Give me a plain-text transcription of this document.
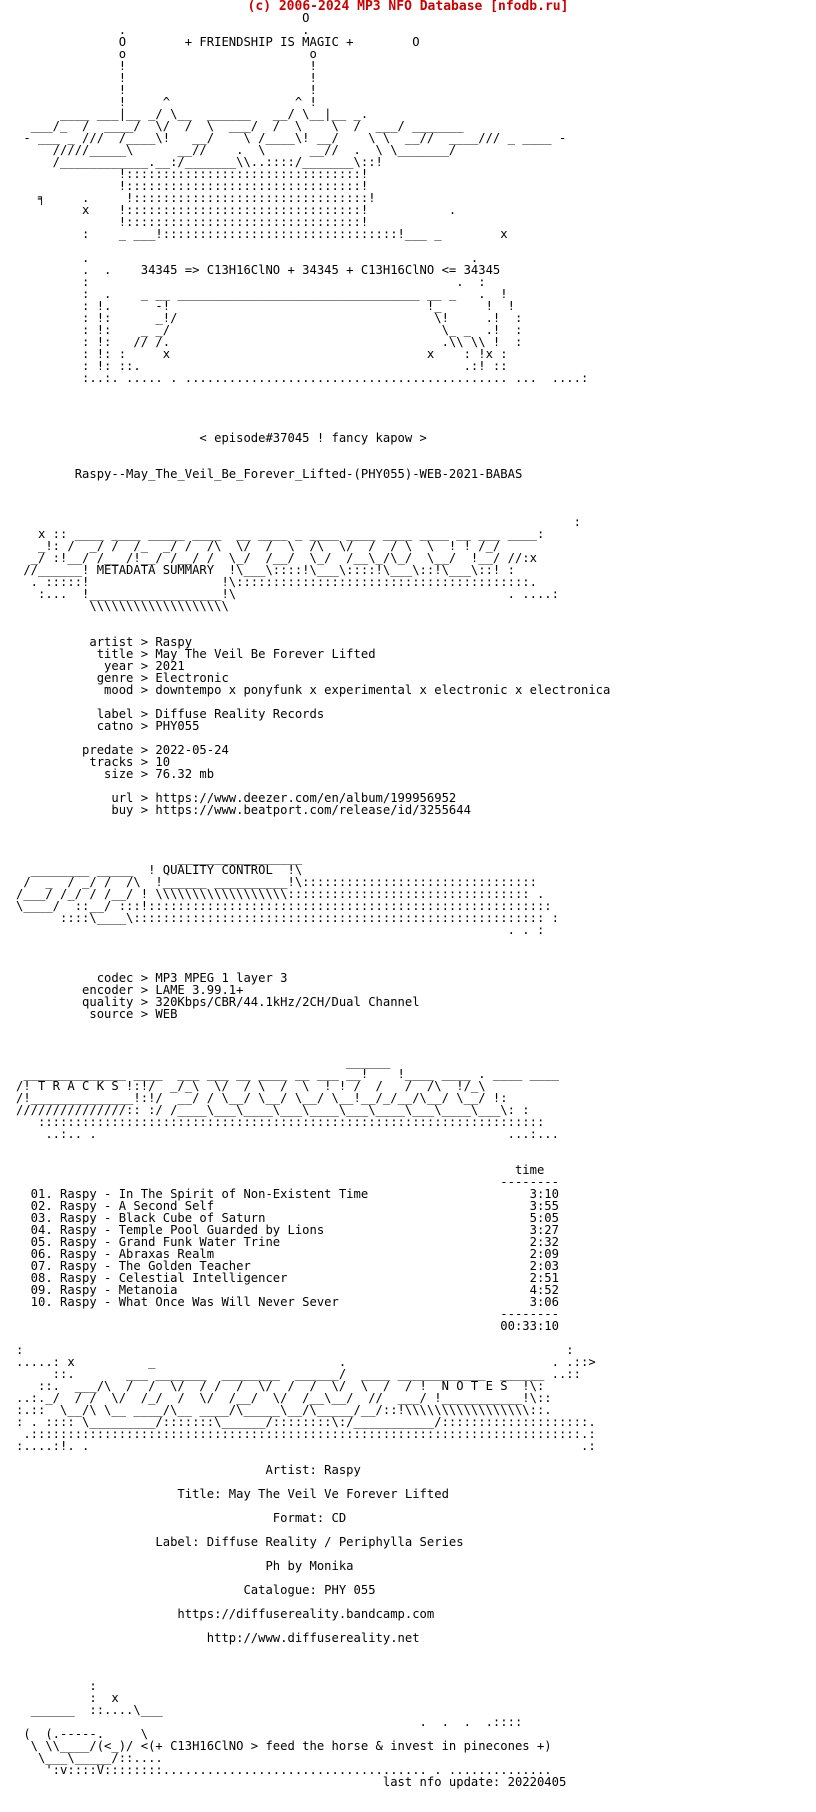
(c) 2006-2024 MP3 NFO Database [nfodb.ru]
O
.                        .
O        + FRIENDSHIP IS MAGIC +        O
o                         o
!                         !
!                         !
!                         !
!     ^                 ^ !
____ ___|__ _/ \__  ______   __/ \__|__ _.
___/_  /  ____/  \/  /  \  ___/  /  \    \  /  ___/ _______
- ___ _ ///  /____\!   __/    \ /____\! __/    \ \  __//  ____/// _ ____ -
/////_____\      __//    .  \      __//  .  \ \_______/
/____________.__:/_______\\..::::/_______\::!
!::::::::::::::::::::::::::::::::!
!::::::::::::::::::::::::::::::::!
╕     .     !::::::::::::::::::::::::::::::::!
x    !::::::::::::::::::::::::::::::::!           .
!::::::::::::::::::::::::::::::::!
:    _ ___!::::::::::::::::::::::::::::::::!___ _        x

.                                                    .
.  .    34345 => C13H16ClNO + 34345 + C13H16ClNO <= 34345
:                                                  .  :
:  .    _ __ _________________________________ __ _   .  !
: !.      -!                                   !_      !  !
: !:      _!/                                   \!     .!  :
: !:    _ _/                                     \_ _  .!  :
: !:   // /.                                     .\\ \\ !  :
: !: :     x                                   x    : !x :
: !: ::.                                            .:! ::
:..:. ..... . ............................................ ...  ....:

< episode#37045 ! fancy kapow >

Raspy--May_The_Veil_Be_Forever_Lifted-(PHY055)-WEB-2021-BABAS

:
x :: ____ ____ _____ ____  __ ____ _ ____ ____ ____ ____ __ ___ ____:
_!: /  _/ /  /_  _/ /  /\  \/  /  \  /\  \/  /  / \  \  ! ! /_/
_/ :!__/ /__ /!__/ /__/ /  \_/  /__/  \_/  /__\_/\_/  \__/  !__/ //:x
//______! METADATA SUMMARY  !\___\::::!\___\::::!\___\::!\___\::! :
. :::::!                  !\::::::::::::::::::::::::::::::::::::::::.
:...  !__________________!\                                     . ....:
\\\\\\\\\\\\\\\\\\\

artist > Raspy
title > May The Veil Be Forever Lifted
year > 2021
genre > Electronic
mood > downtempo x ponyfunk x experimental x electronic x electronica

label > Diffuse Reality Records
catno > PHY055

predate > 2022-05-24
tracks > 10
size > 76.32 mb

url > https://www.deezer.com/en/album/199956952
buy > https://www.beatport.com/release/id/3255644

_________________
________ _____  ! QUALITY CONTROL  !\
/  _  / _/ /  /\  !______ __________!\::::::::::::::::::::::::::::::::
/___/ /_/ / /__/ ! \\\\\\\\\\\\\\\\\\::::::::::::::::::::::::::::::::: .
\____/  ::__/ :::!:::::::::::::::::::::::::::::::::::::::::::::::::::::::
::::\____\:::::::::::::::::::::::::::::::::::::::::::::::::::::::: :
. . :

codec > MP3 MPEG 1 layer 3
encoder > LAME 3.99.1+
quality > 320Kbps/CBR/44.1kHz/2CH/Dual Channel
source > WEB

______
______________ ____  ___ ___ __ ____ __ ___ __!    !____ ____ . ____ ____
/! T R A C K S !:!/  _/_\  \/  / \  /  \  ! ! /  /   /  /\  !/_\
/!______________!:!/  __/ / \__/ \__/ \__/ \__!__/_/__/\__/ \__/ !:
///////////////:: :/ /____\___\____\___\____\___\____\___\____\___\: :
:::::::::::::::::::::::::::::::::::::::::::::::::::::::::::::::::::::
..:.. .                                                        ...:...

time
--------
01. Raspy - In The Spirit of Non-Existent Time                      3:10
02. Raspy - A Second Self                                           3:55
03. Raspy - Black Cube of Saturn                                    5:05
04. Raspy - Temple Pool Guarded by Lions                            3:27
05. Raspy - Grand Funk Water Trine                                  2:32
06. Raspy - Abraxas Realm                                           2:09
07. Raspy - The Golden Teacher                                      2:03
08. Raspy - Celestial Intelligencer                                 2:51
09. Raspy - Metanoia                                                4:52
10. Raspy - What Once Was Will Never Sever                          3:06
--------
00:33:10

:                                                                          :
.....: x          _                         .                            . .::>
::.       ___ _______  ________  ______/  ____ ____________  ______ ..::
::.  ___/\  /  /  \/  / /  /  \/  /  /  \/  \  /  / !  N O T E S  !\:
..:._/  / /  \/  /_/  /  \/  /__/  \/  /__\__/  //  ___/ !___________!\::
:.::  \__/\ \__ ____/\__ ____/\_____\__/\_____/__/::!\\\\\\\\\\\\\\\\\::.
: . :::: \_________/:::::::\______/::::::::\:/___________/::::::::::::::::::::.
.:::::::::::::::::::::::::::::::::::::::::::::::::::::::::::::::::::::::::::.:
:....:!. .                                                                   .:

Artist: Raspy

Title: May The Veil Ve Forever Lifted

Format: CD

Label: Diffuse Reality / Periphylla Series

Ph by Monika

Catalogue: PHY 055

https://diffusereality.bandcamp.com

http://www.diffusereality.net

:
:  x
______  ::....\___
.  .  .  .::::
(  (.-----.     \
\ \\____/(<_)/ <(+ C13H16ClNO > feed the horse & invest in pinecones +)
\___\_____/::....
':v::::V::::::::.................................... . ..............
last nfo update: 20220405
